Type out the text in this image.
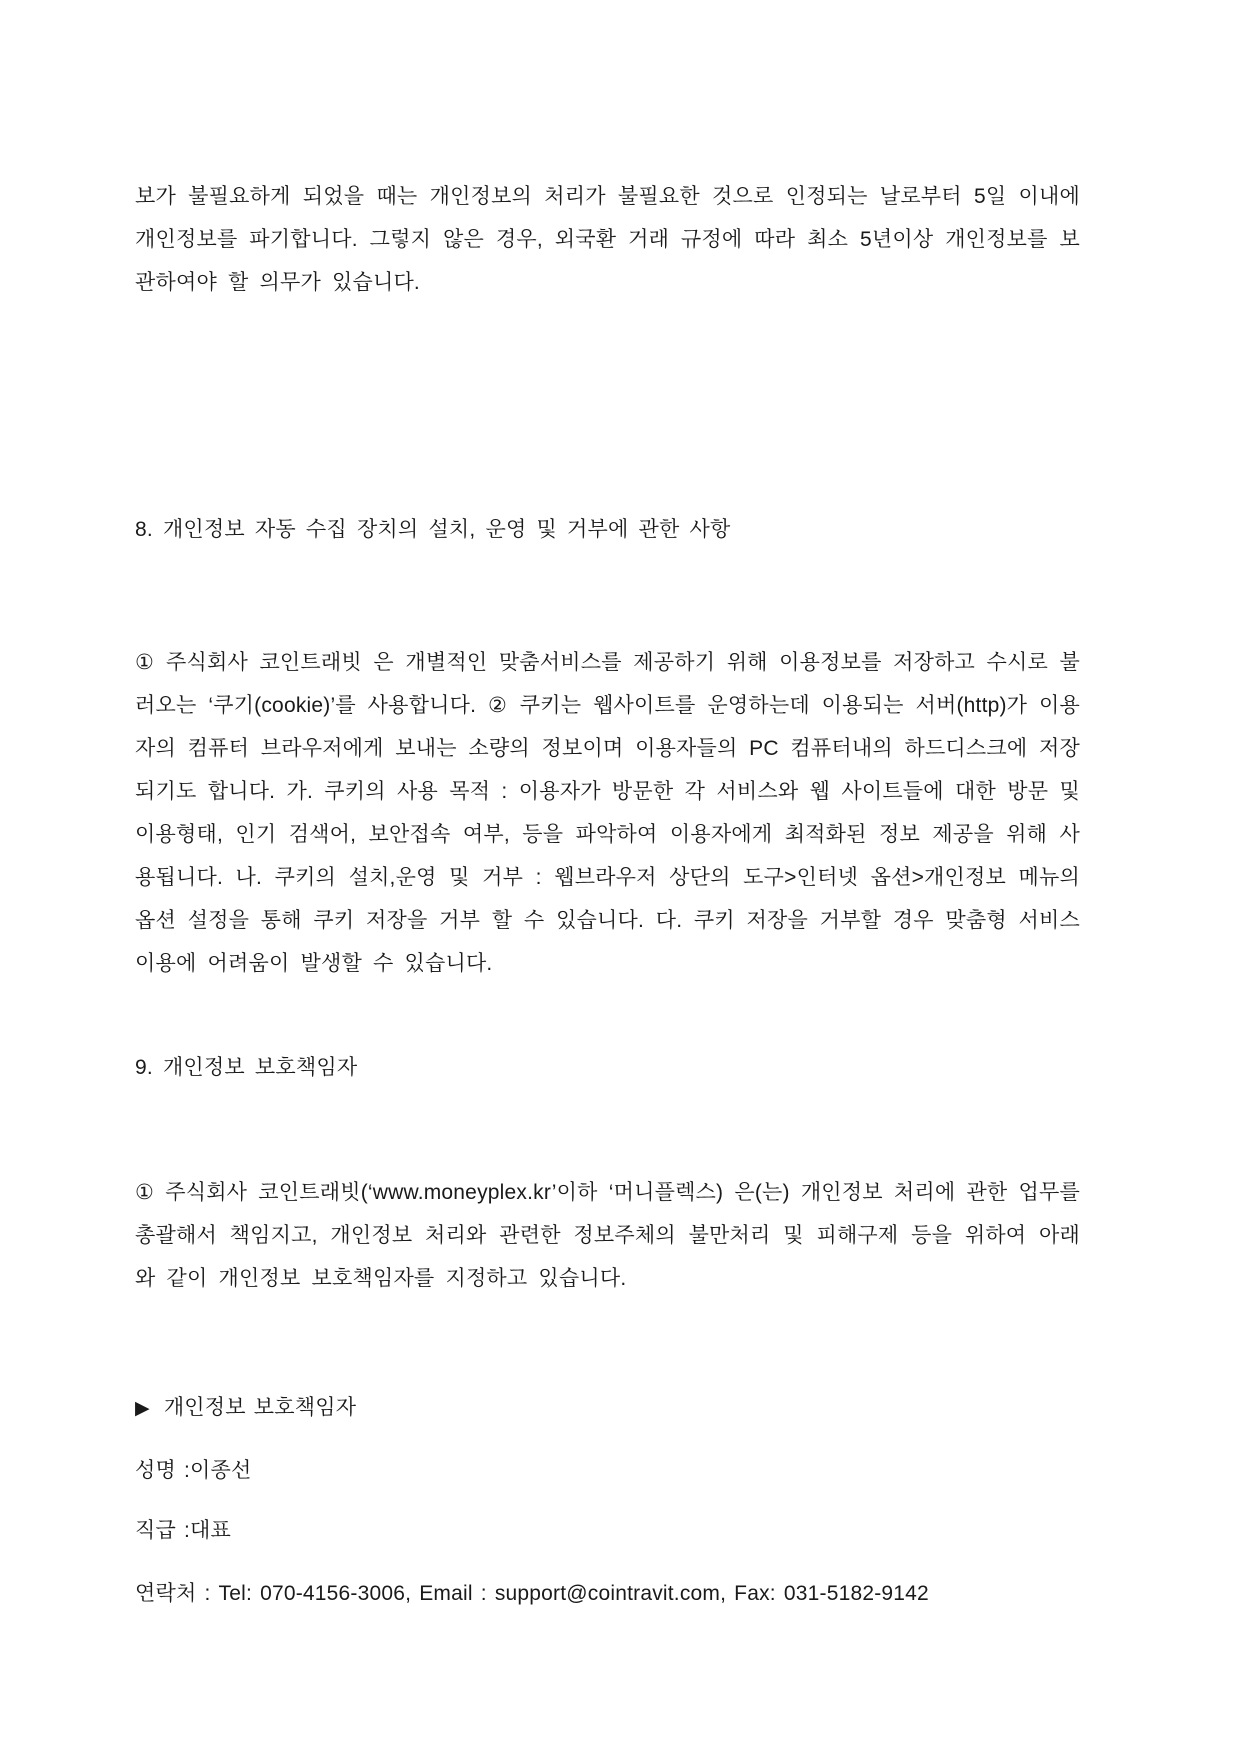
보가 불필요하게 되었을 때는 개인정보의 처리가 불필요한 것으로 인정되는 날로부터 5일 이내에 개인정보를 파기합니다. 그렇지 않은 경우, 외국환 거래 규정에 따라 최소 5년이상 개인정보를 보관하여야 할 의무가 있습니다.

8. 개인정보 자동 수집 장치의 설치, 운영 및 거부에 관한 사항

① 주식회사 코인트래빗 은 개별적인 맞춤서비스를 제공하기 위해 이용정보를 저장하고 수시로 불러오는 ‘쿠기(cookie)’를 사용합니다. ② 쿠키는 웹사이트를 운영하는데 이용되는 서버(http)가 이용자의 컴퓨터 브라우저에게 보내는 소량의 정보이며 이용자들의 PC 컴퓨터내의 하드디스크에 저장되기도 합니다. 가. 쿠키의 사용 목적 : 이용자가 방문한 각 서비스와 웹 사이트들에 대한 방문 및 이용형태, 인기 검색어, 보안접속 여부, 등을 파악하여 이용자에게 최적화된 정보 제공을 위해 사용됩니다. 나. 쿠키의 설치,운영 및 거부 : 웹브라우저 상단의 도구>인터넷 옵션>개인정보 메뉴의 옵션 설정을 통해 쿠키 저장을 거부 할 수 있습니다. 다. 쿠키 저장을 거부할 경우 맞춤형 서비스 이용에 어려움이 발생할 수 있습니다.

9. 개인정보 보호책임자

① 주식회사 코인트래빗(‘www.moneyplex.kr’이하 ‘머니플렉스) 은(는) 개인정보 처리에 관한 업무를 총괄해서 책임지고, 개인정보 처리와 관련한 정보주체의 불만처리 및 피해구제 등을 위하여 아래와 같이 개인정보 보호책임자를 지정하고 있습니다.

▶ 개인정보 보호책임자

성명 :이종선

직급 :대표

연락처 : Tel: 070-4156-3006, Email : support@cointravit.com, Fax: 031-5182-9142
